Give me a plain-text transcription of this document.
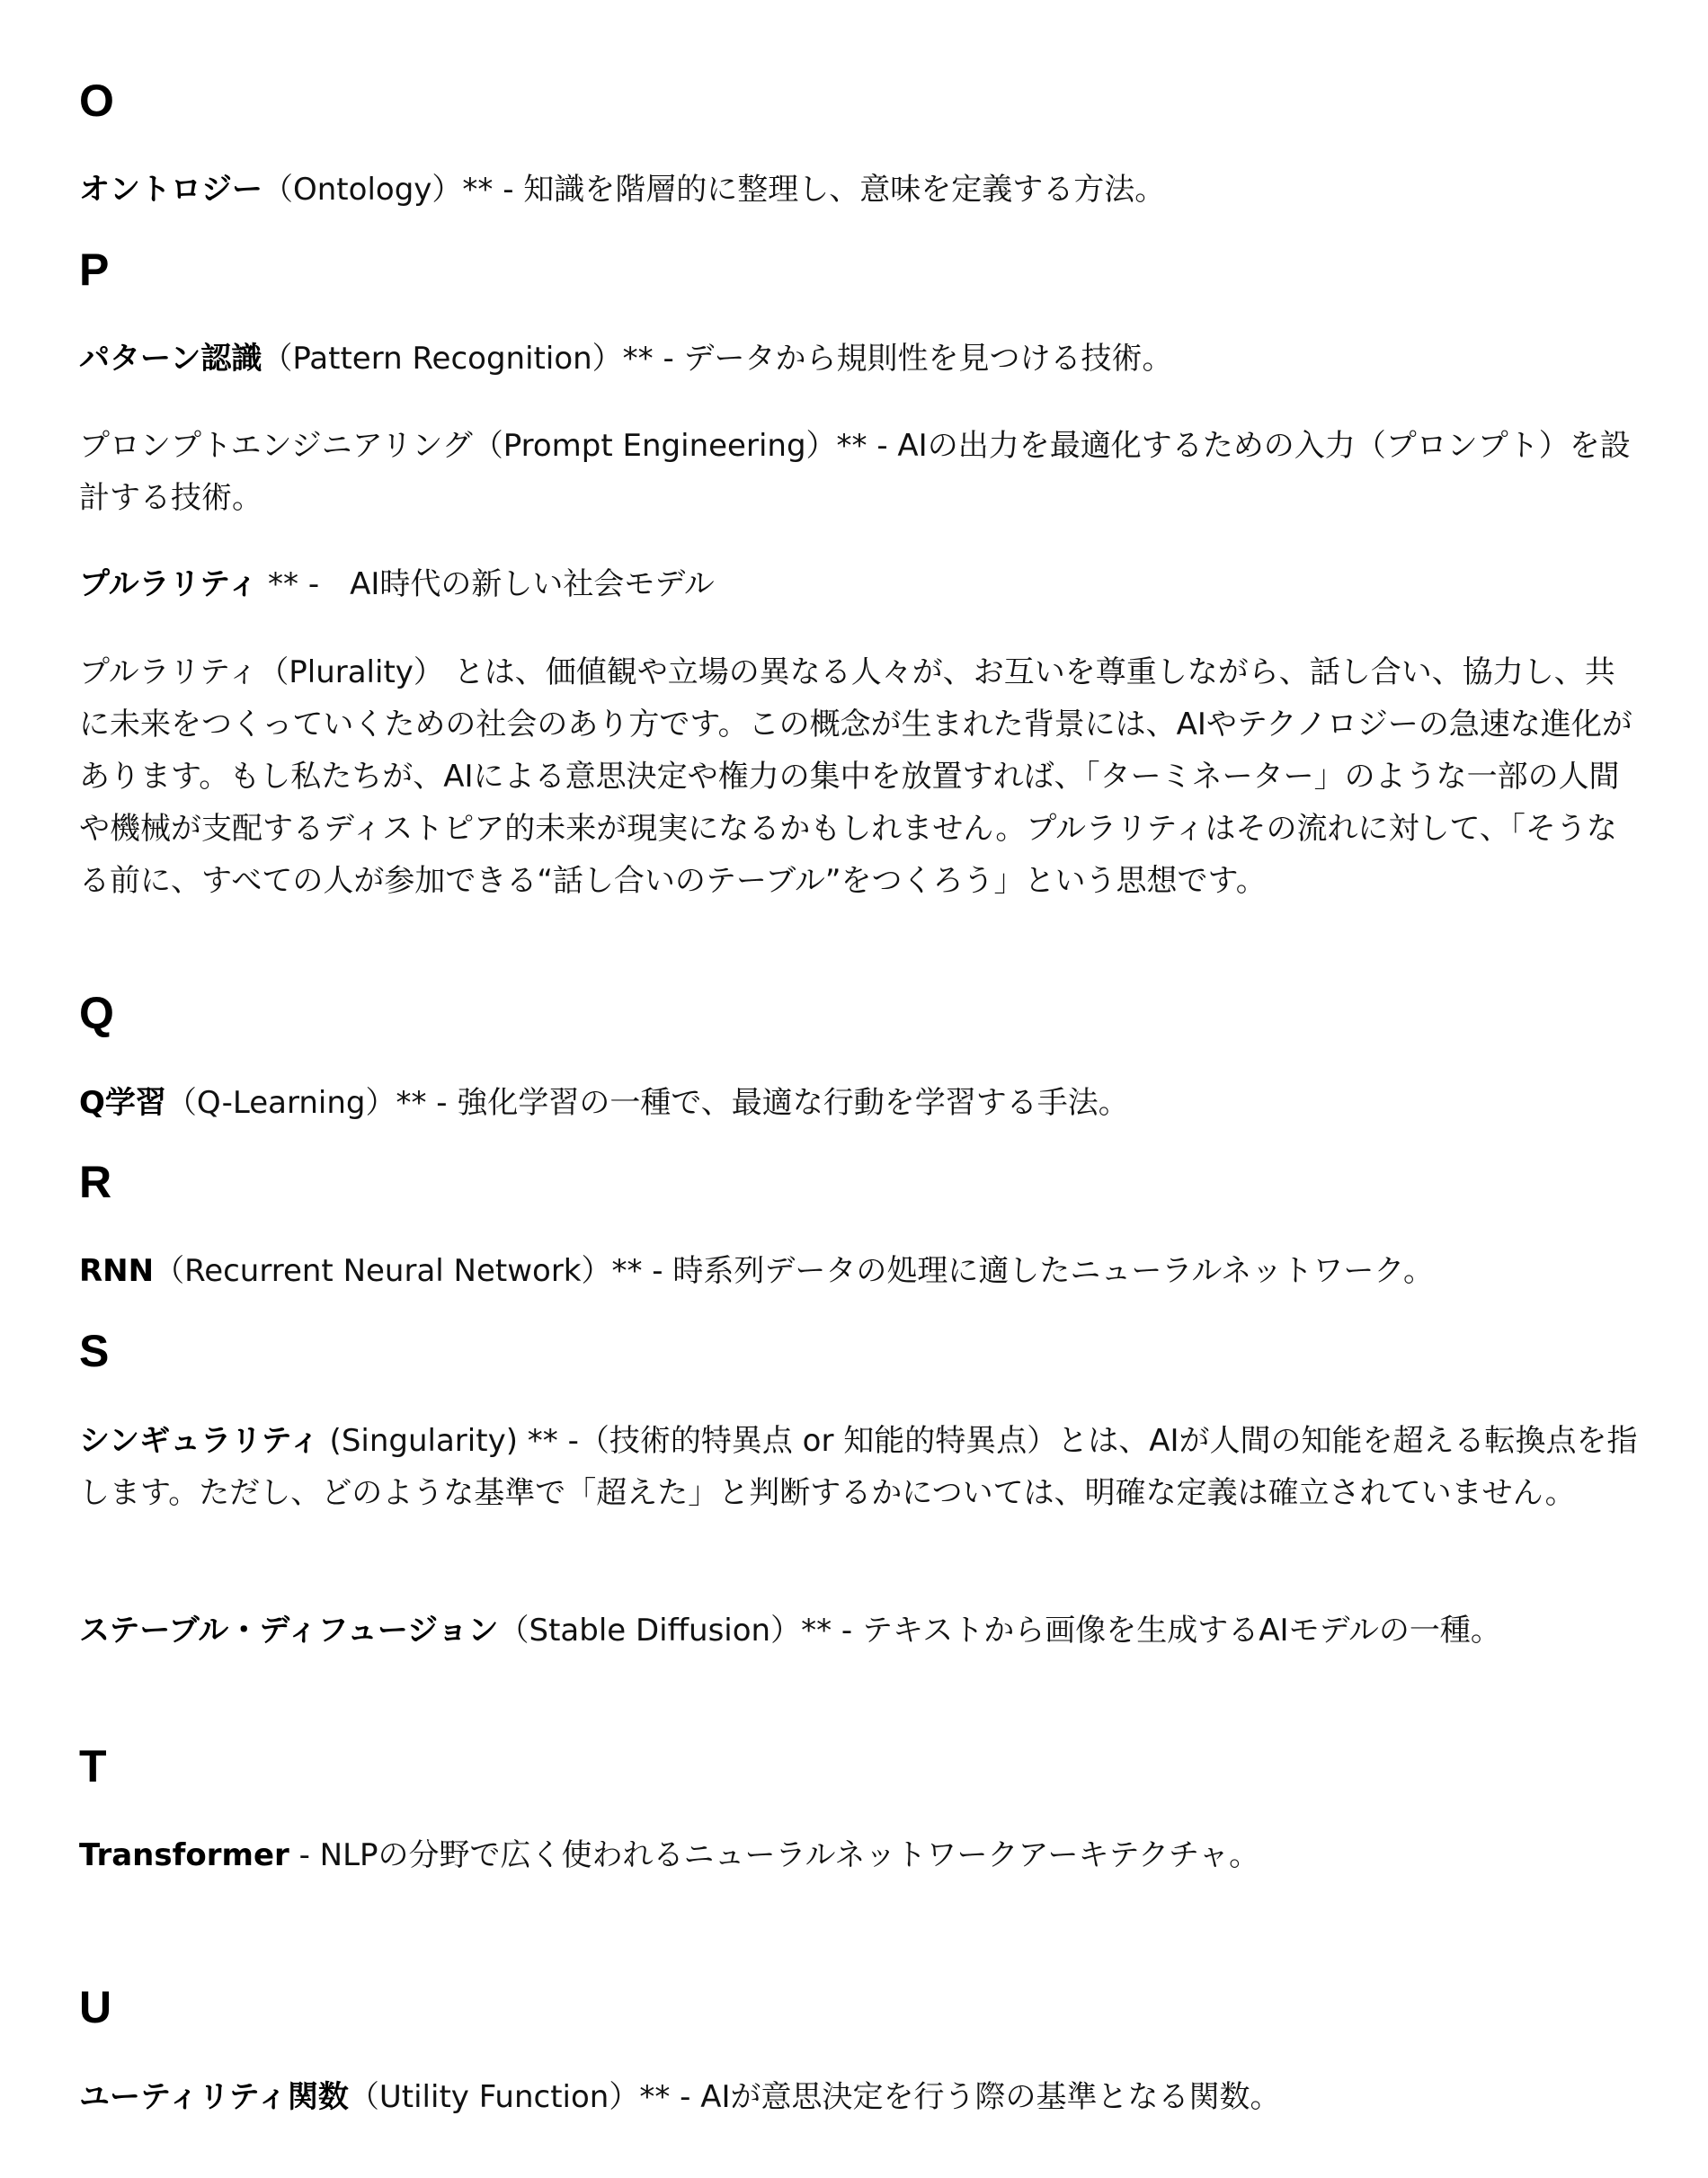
O
オントロジー（Ontology）** - 知識を階層的に整理し、意味を定義する方法。
P
パターン認識（Pattern Recognition）** - データから規則性を見つける技術。
プロンプトエンジニアリング（Prompt Engineering）** - AIの出力を最適化するための入力（プロンプト）を設計する技術。
プルラリティ ** -　AI時代の新しい社会モデル
プルラリティ（Plurality） とは、価値観や立場の異なる人々が、お互いを尊重しながら、話し合い、協力し、共に未来をつくっていくための社会のあり方です。この概念が生まれた背景には、AIやテクノロジーの急速な進化があります。もし私たちが、AIによる意思決定や権力の集中を放置すれば、「ターミネーター」のような一部の人間や機械が支配するディストピア的未来が現実になるかもしれません。プルラリティはその流れに対して、「そうなる前に、すべての人が参加できる“話し合いのテーブル”をつくろう」という思想です。
Q
Q学習（Q-Learning）** - 強化学習の一種で、最適な行動を学習する手法。
R
RNN（Recurrent Neural Network）** - 時系列データの処理に適したニューラルネットワーク。
S
シンギュラリティ (Singularity) ** -（技術的特異点 or 知能的特異点）とは、AIが人間の知能を超える転換点を指します。ただし、どのような基準で「超えた」と判断するかについては、明確な定義は確立されていません。
ステーブル・ディフュージョン（Stable Diffusion）** - テキストから画像を生成するAIモデルの一種。
T
Transformer - NLPの分野で広く使われるニューラルネットワークアーキテクチャ。
U
ユーティリティ関数（Utility Function）** - AIが意思決定を行う際の基準となる関数。
